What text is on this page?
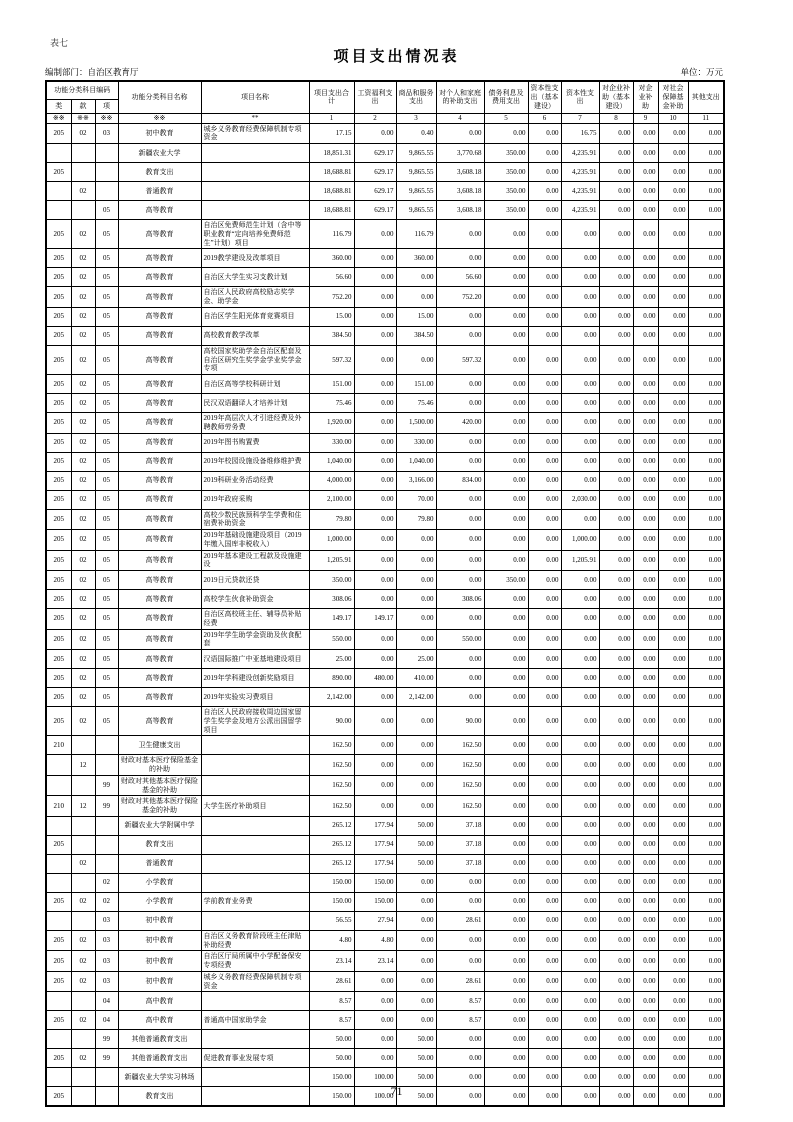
表七
项目支出情况表
编制部门：自治区教育厅	单位：万元
功能分类科目编码			功能分类科目名称	项目名称	项目支出合计	工资福利支出	商品和服务支出	对个人和家庭的补助支出	债务利息及费用支出	资本性支出（基本建设）	资本性支出	对企业补助（基本建设）	对企业补助	对社会保障基金补助	其他支出
类	款	项													
※※	※※	※※	※※	**	1	2	3	4	5	6	7	8	9	10	11
205	02	03	初中教育	城乡义务教育经费保障机制专项资金	17.15	0.00	0.40	0.00	0.00	0.00	16.75	0.00	0.00	0.00	0.00
			新疆农业大学		18,851.31	629.17	9,865.55	3,770.68	350.00	0.00	4,235.91	0.00	0.00	0.00	0.00
205			教育支出		18,688.81	629.17	9,865.55	3,608.18	350.00	0.00	4,235.91	0.00	0.00	0.00	0.00
	02		普通教育		18,688.81	629.17	9,865.55	3,608.18	350.00	0.00	4,235.91	0.00	0.00	0.00	0.00
		05	高等教育		18,688.81	629.17	9,865.55	3,608.18	350.00	0.00	4,235.91	0.00	0.00	0.00	0.00
205	02	05	高等教育	自治区免费师范生计划（含中等职业教育“定向培养免费师范生”计划）项目	116.79	0.00	116.79	0.00	0.00	0.00	0.00	0.00	0.00	0.00	0.00
205	02	05	高等教育	2019教学建设及改革项目	360.00	0.00	360.00	0.00	0.00	0.00	0.00	0.00	0.00	0.00	0.00
205	02	05	高等教育	自治区大学生实习支教计划	56.60	0.00	0.00	56.60	0.00	0.00	0.00	0.00	0.00	0.00	0.00
205	02	05	高等教育	自治区人民政府高校励志奖学金、助学金	752.20	0.00	0.00	752.20	0.00	0.00	0.00	0.00	0.00	0.00	0.00
205	02	05	高等教育	自治区学生阳光体育竞赛项目	15.00	0.00	15.00	0.00	0.00	0.00	0.00	0.00	0.00	0.00	0.00
205	02	05	高等教育	高校教育教学改革	384.50	0.00	384.50	0.00	0.00	0.00	0.00	0.00	0.00	0.00	0.00
205	02	05	高等教育	高校国家奖助学金自治区配套及自治区研究生奖学金学业奖学金专项	597.32	0.00	0.00	597.32	0.00	0.00	0.00	0.00	0.00	0.00	0.00
205	02	05	高等教育	自治区高等学校科研计划	151.00	0.00	151.00	0.00	0.00	0.00	0.00	0.00	0.00	0.00	0.00
205	02	05	高等教育	民汉双语翻译人才培养计划	75.46	0.00	75.46	0.00	0.00	0.00	0.00	0.00	0.00	0.00	0.00
205	02	05	高等教育	2019年高层次人才引进经费及外聘教师劳务费	1,920.00	0.00	1,500.00	420.00	0.00	0.00	0.00	0.00	0.00	0.00	0.00
205	02	05	高等教育	2019年图书购置费	330.00	0.00	330.00	0.00	0.00	0.00	0.00	0.00	0.00	0.00	0.00
205	02	05	高等教育	2019年校园设施设备维修维护费	1,040.00	0.00	1,040.00	0.00	0.00	0.00	0.00	0.00	0.00	0.00	0.00
205	02	05	高等教育	2019科研业务活动经费	4,000.00	0.00	3,166.00	834.00	0.00	0.00	0.00	0.00	0.00	0.00	0.00
205	02	05	高等教育	2019年政府采购	2,100.00	0.00	70.00	0.00	0.00	0.00	2,030.00	0.00	0.00	0.00	0.00
205	02	05	高等教育	高校少数民族预科学生学费和住宿费补助资金	79.80	0.00	79.80	0.00	0.00	0.00	0.00	0.00	0.00	0.00	0.00
205	02	05	高等教育	2019年基础设施建设项目（2019年缴入国库非税收入）	1,000.00	0.00	0.00	0.00	0.00	0.00	1,000.00	0.00	0.00	0.00	0.00
205	02	05	高等教育	2019年基本建设工程款及设施建设	1,205.91	0.00	0.00	0.00	0.00	0.00	1,205.91	0.00	0.00	0.00	0.00
205	02	05	高等教育	2019日元贷款还贷	350.00	0.00	0.00	0.00	350.00	0.00	0.00	0.00	0.00	0.00	0.00
205	02	05	高等教育	高校学生伙食补助资金	308.06	0.00	0.00	308.06	0.00	0.00	0.00	0.00	0.00	0.00	0.00
205	02	05	高等教育	自治区高校班主任、辅导员补贴经费	149.17	149.17	0.00	0.00	0.00	0.00	0.00	0.00	0.00	0.00	0.00
205	02	05	高等教育	2019年学生助学金资助及伙食配套	550.00	0.00	0.00	550.00	0.00	0.00	0.00	0.00	0.00	0.00	0.00
205	02	05	高等教育	汉语国际推广中亚基地建设项目	25.00	0.00	25.00	0.00	0.00	0.00	0.00	0.00	0.00	0.00	0.00
205	02	05	高等教育	2019年学科建设创新奖励项目	890.00	480.00	410.00	0.00	0.00	0.00	0.00	0.00	0.00	0.00	0.00
205	02	05	高等教育	2019年实验实习费项目	2,142.00	0.00	2,142.00	0.00	0.00	0.00	0.00	0.00	0.00	0.00	0.00
205	02	05	高等教育	自治区人民政府接收周边国家留学生奖学金及地方公派出国留学项目	90.00	0.00	0.00	90.00	0.00	0.00	0.00	0.00	0.00	0.00	0.00
210			卫生健康支出		162.50	0.00	0.00	162.50	0.00	0.00	0.00	0.00	0.00	0.00	0.00
	12		财政对基本医疗保险基金的补助		162.50	0.00	0.00	162.50	0.00	0.00	0.00	0.00	0.00	0.00	0.00
		99	财政对其他基本医疗保险基金的补助		162.50	0.00	0.00	162.50	0.00	0.00	0.00	0.00	0.00	0.00	0.00
210	12	99	财政对其他基本医疗保险基金的补助	大学生医疗补助项目	162.50	0.00	0.00	162.50	0.00	0.00	0.00	0.00	0.00	0.00	0.00
			新疆农业大学附属中学		265.12	177.94	50.00	37.18	0.00	0.00	0.00	0.00	0.00	0.00	0.00
205			教育支出		265.12	177.94	50.00	37.18	0.00	0.00	0.00	0.00	0.00	0.00	0.00
	02		普通教育		265.12	177.94	50.00	37.18	0.00	0.00	0.00	0.00	0.00	0.00	0.00
		02	小学教育		150.00	150.00	0.00	0.00	0.00	0.00	0.00	0.00	0.00	0.00	0.00
205	02	02	小学教育	学前教育业务费	150.00	150.00	0.00	0.00	0.00	0.00	0.00	0.00	0.00	0.00	0.00
		03	初中教育		56.55	27.94	0.00	28.61	0.00	0.00	0.00	0.00	0.00	0.00	0.00
205	02	03	初中教育	自治区义务教育阶段班主任津贴补助经费	4.80	4.80	0.00	0.00	0.00	0.00	0.00	0.00	0.00	0.00	0.00
205	02	03	初中教育	自治区厅局所属中小学配备保安专项经费	23.14	23.14	0.00	0.00	0.00	0.00	0.00	0.00	0.00	0.00	0.00
205	02	03	初中教育	城乡义务教育经费保障机制专项资金	28.61	0.00	0.00	28.61	0.00	0.00	0.00	0.00	0.00	0.00	0.00
		04	高中教育		8.57	0.00	0.00	8.57	0.00	0.00	0.00	0.00	0.00	0.00	0.00
205	02	04	高中教育	普通高中国家助学金	8.57	0.00	0.00	8.57	0.00	0.00	0.00	0.00	0.00	0.00	0.00
		99	其他普通教育支出		50.00	0.00	50.00	0.00	0.00	0.00	0.00	0.00	0.00	0.00	0.00
205	02	99	其他普通教育支出	促进教育事业发展专项	50.00	0.00	50.00	0.00	0.00	0.00	0.00	0.00	0.00	0.00	0.00
			新疆农业大学实习林场		150.00	100.00	50.00	0.00	0.00	0.00	0.00	0.00	0.00	0.00	0.00
205			教育支出		150.00	100.00	50.00	0.00	0.00	0.00	0.00	0.00	0.00	0.00	0.00
71
